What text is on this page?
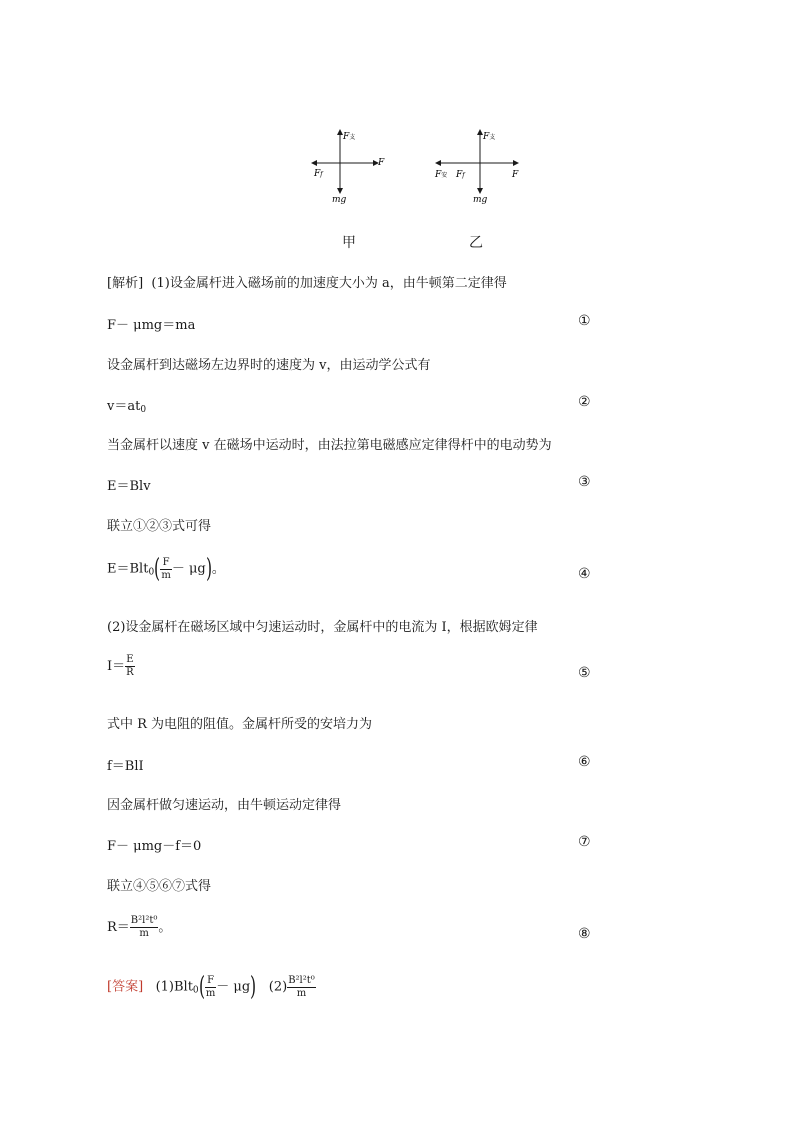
F支
F
Ff
mg
F支
F安 Ff	F
mg
甲	乙
[解析] (1)设金属杆进入磁场前的加速度大小为 a，由牛顿第二定律得
F－ μmg＝ma	①
设金属杆到达磁场左边界时的速度为 v，由运动学公式有
$v=at_0$	②
当金属杆以速度 v 在磁场中运动时，由法拉第电磁感应定律得杆中的电动势为
E＝Blv	③
联立①②③式可得
$E=Blt_0( \frac{F}{m} - \mu g)$。	④
(2)设金属杆在磁场区域中匀速运动时，金属杆中的电流为 I，根据欧姆定律
$I= \frac{E}{R}$	⑤
式中 R 为电阻的阻值。金属杆所受的安培力为
f＝BlI	⑥
因金属杆做匀速运动，由牛顿运动定律得
F－ μmg－f＝0	⑦
联立④⑤⑥⑦式得
$R= \frac{\text{B²l²t⁰}}{m}$ 。	⑧
[答案] $(1)Blt_0( \frac{F}{m} - \mu g)$ $(2) \frac{\text{B²l²t⁰}}{m}$
